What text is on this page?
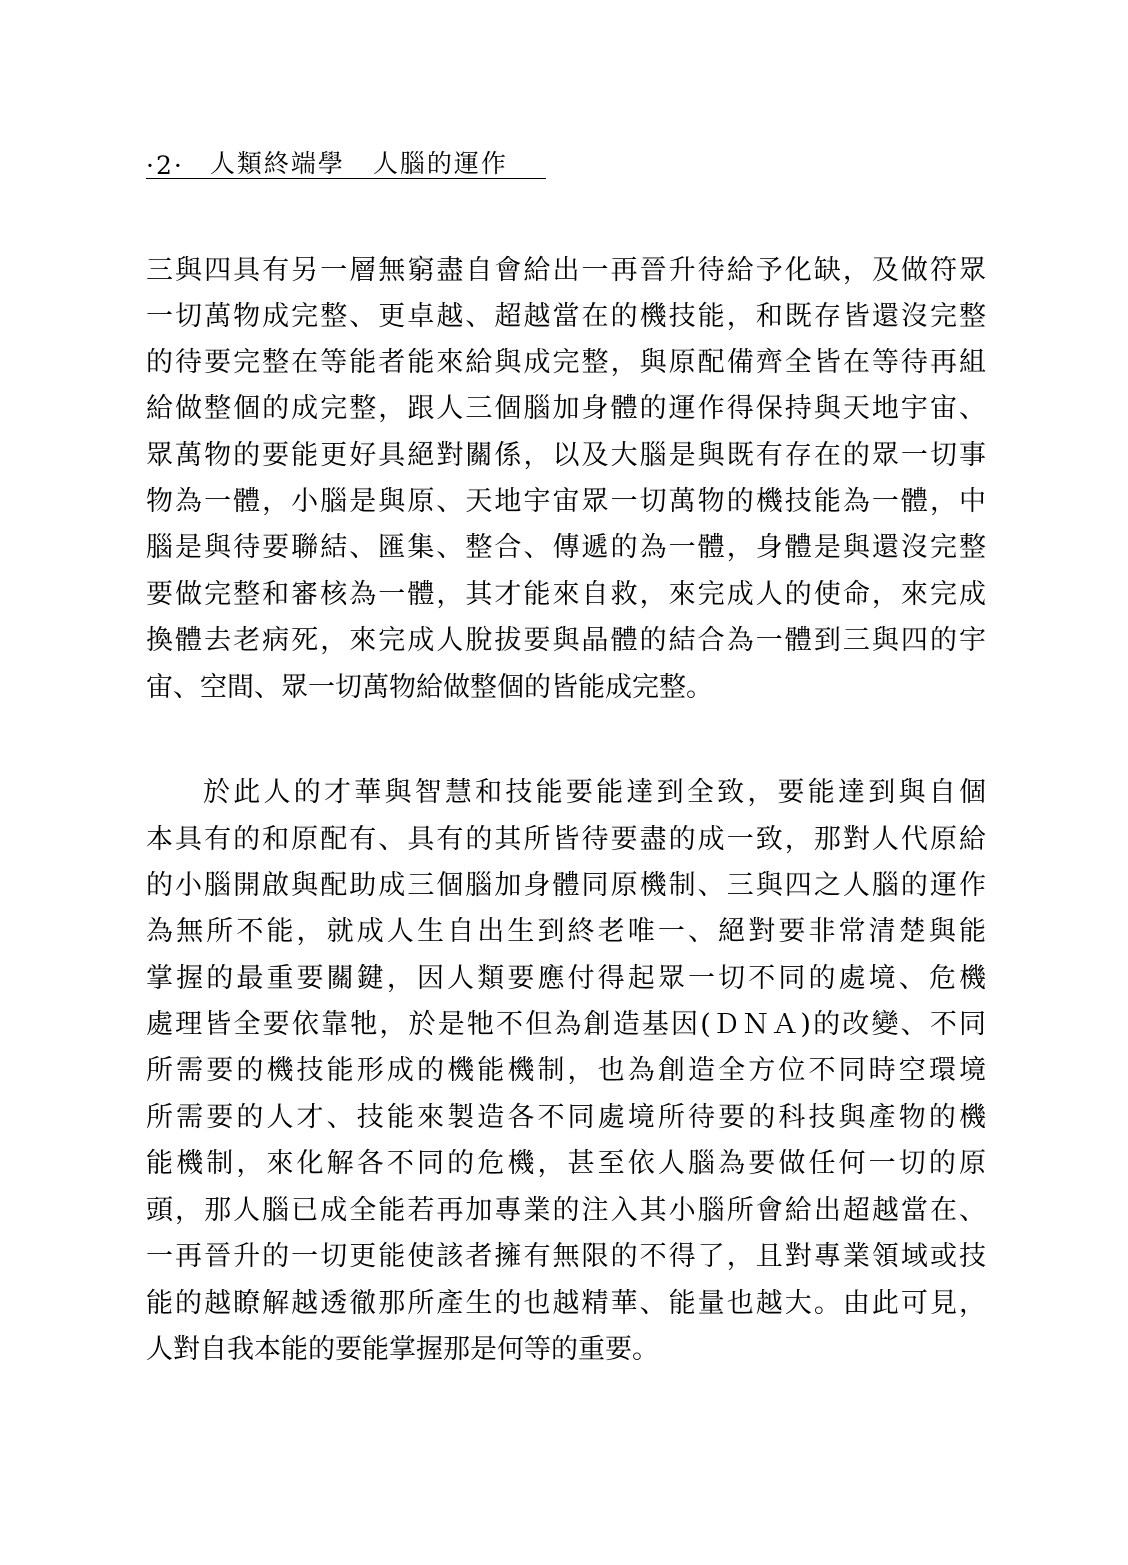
·2· 人類終端學 人腦的運作
三與四具有另一層無窮盡自會給出一再晉升待給予化缺，及做符眾
一切萬物成完整、更卓越、超越當在的機技能，和既存皆還沒完整
的待要完整在等能者能來給與成完整，與原配備齊全皆在等待再組
給做整個的成完整，跟人三個腦加身體的運作得保持與天地宇宙、
眾萬物的要能更好具絕對關係，以及大腦是與既有存在的眾一切事
物為一體，小腦是與原、天地宇宙眾一切萬物的機技能為一體，中
腦是與待要聯結、匯集、整合、傳遞的為一體，身體是與還沒完整
要做完整和審核為一體，其才能來自救，來完成人的使命，來完成
換體去老病死，來完成人脫拔要與晶體的結合為一體到三與四的宇
宙、空間、眾一切萬物給做整個的皆能成完整。
於此人的才華與智慧和技能要能達到全致，要能達到與自個
本具有的和原配有、具有的其所皆待要盡的成一致，那對人代原給
的小腦開啟與配助成三個腦加身體同原機制、三與四之人腦的運作
為無所不能，就成人生自出生到終老唯一、絕對要非常清楚與能
掌握的最重要關鍵，因人類要應付得起眾一切不同的處境、危機
處理皆全要依靠牠，於是牠不但為創造基因(ＤＮＡ)的改變、不同
所需要的機技能形成的機能機制，也為創造全方位不同時空環境
所需要的人才、技能來製造各不同處境所待要的科技與產物的機
能機制，來化解各不同的危機，甚至依人腦為要做任何一切的原
頭，那人腦已成全能若再加專業的注入其小腦所會給出超越當在、
一再晉升的一切更能使該者擁有無限的不得了，且對專業領域或技
能的越瞭解越透徹那所產生的也越精華、能量也越大。由此可見，
人對自我本能的要能掌握那是何等的重要。
